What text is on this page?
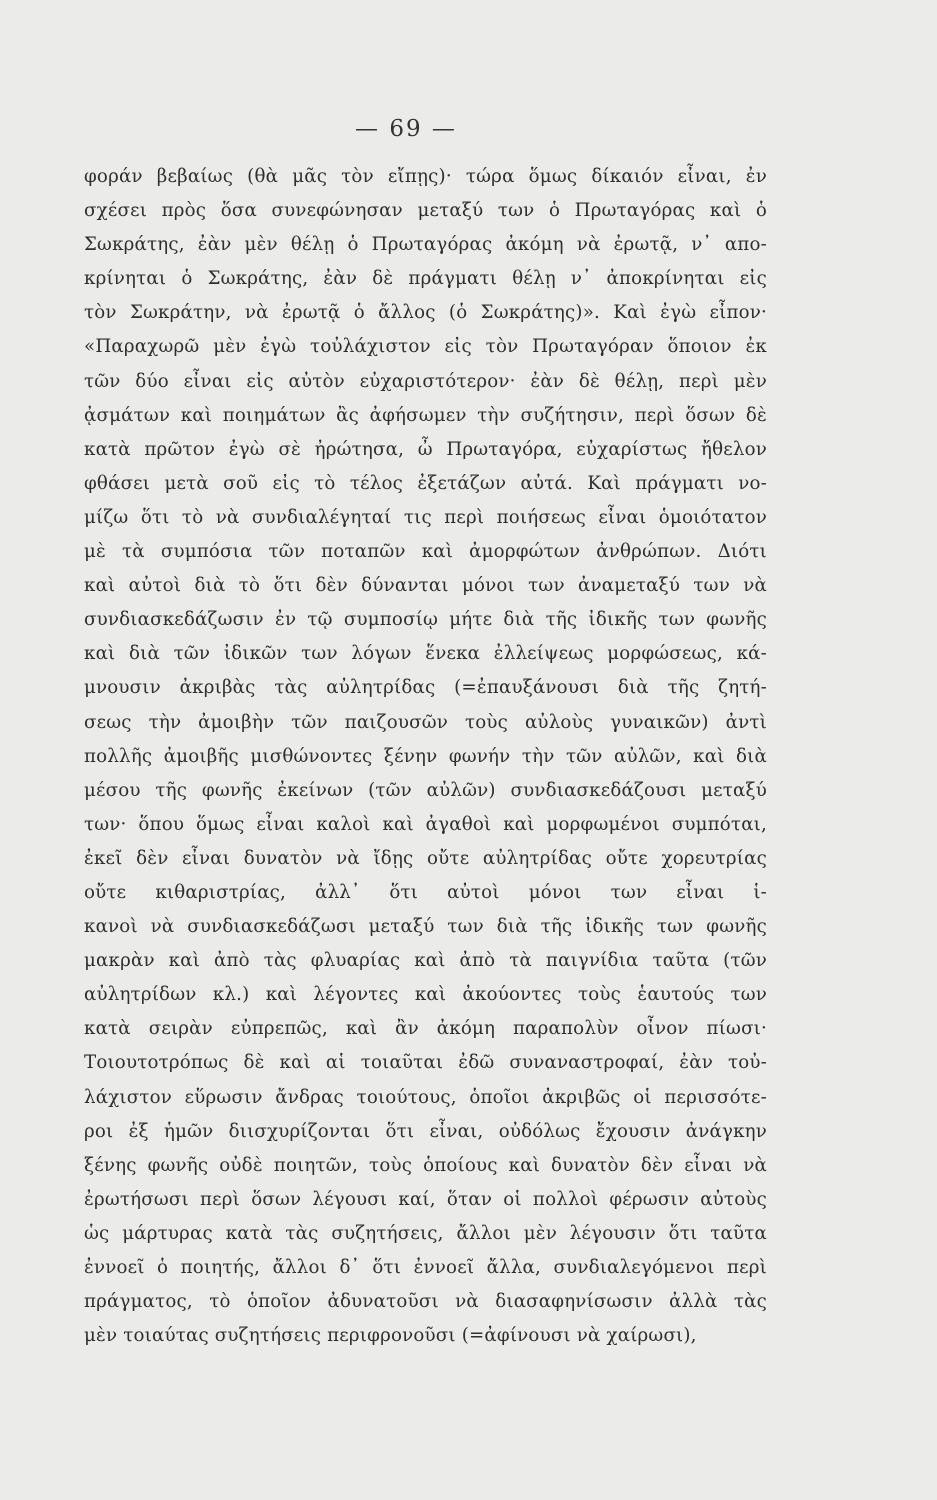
— 69 —
φοράν βεβαίως (θὰ μᾶς τὸν εἴπῃς)· τώρα ὅμως δίκαιόν εἶναι, ἐν
σχέσει πρὸς ὅσα συνεφώνησαν μεταξύ των ὁ Πρωταγόρας καὶ ὁ
Σωκράτης, ἐὰν μὲν θέλῃ ὁ Πρωταγόρας ἀκόμη νὰ ἐρωτᾷ, ν᾿ απο-
κρίνηται ὁ Σωκράτης, ἐὰν δὲ πράγματι θέλῃ ν᾿ ἀποκρίνηται εἰς
τὸν Σωκράτην, νὰ ἐρωτᾷ ὁ ἄλλος (ὁ Σωκράτης)». Καὶ ἐγὼ εἶπον·
«Παραχωρῶ μὲν ἐγὼ τοὐλάχιστον εἰς τὸν Πρωταγόραν ὅποιον ἐκ
τῶν δύο εἶναι εἰς αὐτὸν εὐχαριστότερον· ἐὰν δὲ θέλῃ, περὶ μὲν
ᾀσμάτων καὶ ποιημάτων ἂς ἀφήσωμεν τὴν συζήτησιν, περὶ ὅσων δὲ
κατὰ πρῶτον ἐγὼ σὲ ἠρώτησα, ὦ Πρωταγόρα, εὐχαρίστως ἤθελον
φθάσει μετὰ σοῦ εἰς τὸ τέλος ἐξετάζων αὐτά. Καὶ πράγματι νο-
μίζω ὅτι τὸ νὰ συνδιαλέγηταί τις περὶ ποιήσεως εἶναι ὁμοιότατον
μὲ τὰ συμπόσια τῶν ποταπῶν καὶ ἀμορφώτων ἀνθρώπων. Διότι
καὶ αὐτοὶ διὰ τὸ ὅτι δὲν δύνανται μόνοι των ἀναμεταξύ των νὰ
συνδιασκεδάζωσιν ἐν τῷ συμποσίῳ μήτε διὰ τῆς ἰδικῆς των φωνῆς
καὶ διὰ τῶν ἰδικῶν των λόγων ἕνεκα ἐλλείψεως μορφώσεως, κά-
μνουσιν ἀκριβὰς τὰς αὐλητρίδας (=ἐπαυξάνουσι διὰ τῆς ζητή-
σεως τὴν ἀμοιβὴν τῶν παιζουσῶν τοὺς αὐλοὺς γυναικῶν) ἀντὶ
πολλῆς ἀμοιβῆς μισθώνοντες ξένην φωνήν τὴν τῶν αὐλῶν, καὶ διὰ
μέσου τῆς φωνῆς ἐκείνων (τῶν αὐλῶν) συνδιασκεδάζουσι μεταξύ
των· ὅπου ὅμως εἶναι καλοὶ καὶ ἀγαθοὶ καὶ μορφωμένοι συμπόται,
ἐκεῖ δὲν εἶναι δυνατὸν νὰ ἴδῃς οὔτε αὐλητρίδας οὔτε χορευτρίας
οὔτε κιθαριστρίας, ἀλλ᾿ ὅτι αὐτοὶ μόνοι των εἶναι ἱ-
κανοὶ νὰ συνδιασκεδάζωσι μεταξύ των διὰ τῆς ἰδικῆς των φωνῆς
μακρὰν καὶ ἀπὸ τὰς φλυαρίας καὶ ἀπὸ τὰ παιγνίδια ταῦτα (τῶν
αὐλητρίδων κλ.) καὶ λέγοντες καὶ ἀκούοντες τοὺς ἑαυτούς των
κατὰ σειρὰν εὐπρεπῶς, καὶ ἂν ἀκόμη παραπολὺν οἶνον πίωσι·
Τοιουτοτρόπως δὲ καὶ αἱ τοιαῦται ἐδῶ συναναστροφαί, ἐὰν τοὐ-
λάχιστον εὕρωσιν ἄνδρας τοιούτους, ὁποῖοι ἀκριβῶς οἱ περισσότε-
ροι ἐξ ἡμῶν διισχυρίζονται ὅτι εἶναι, οὐδόλως ἔχουσιν ἀνάγκην
ξένης φωνῆς οὐδὲ ποιητῶν, τοὺς ὁποίους καὶ δυνατὸν δὲν εἶναι νὰ
ἐρωτήσωσι περὶ ὅσων λέγουσι καί, ὅταν οἱ πολλοὶ φέρωσιν αὐτοὺς
ὡς μάρτυρας κατὰ τὰς συζητήσεις, ἄλλοι μὲν λέγουσιν ὅτι ταῦτα
ἐννοεῖ ὁ ποιητής, ἄλλοι δ᾿ ὅτι ἐννοεῖ ἄλλα, συνδιαλεγόμενοι περὶ
πράγματος, τὸ ὁποῖον ἀδυνατοῦσι νὰ διασαφηνίσωσιν ἀλλὰ τὰς
μὲν τοιαύτας συζητήσεις περιφρονοῦσι (=ἀφίνουσι νὰ χαίρωσι),
